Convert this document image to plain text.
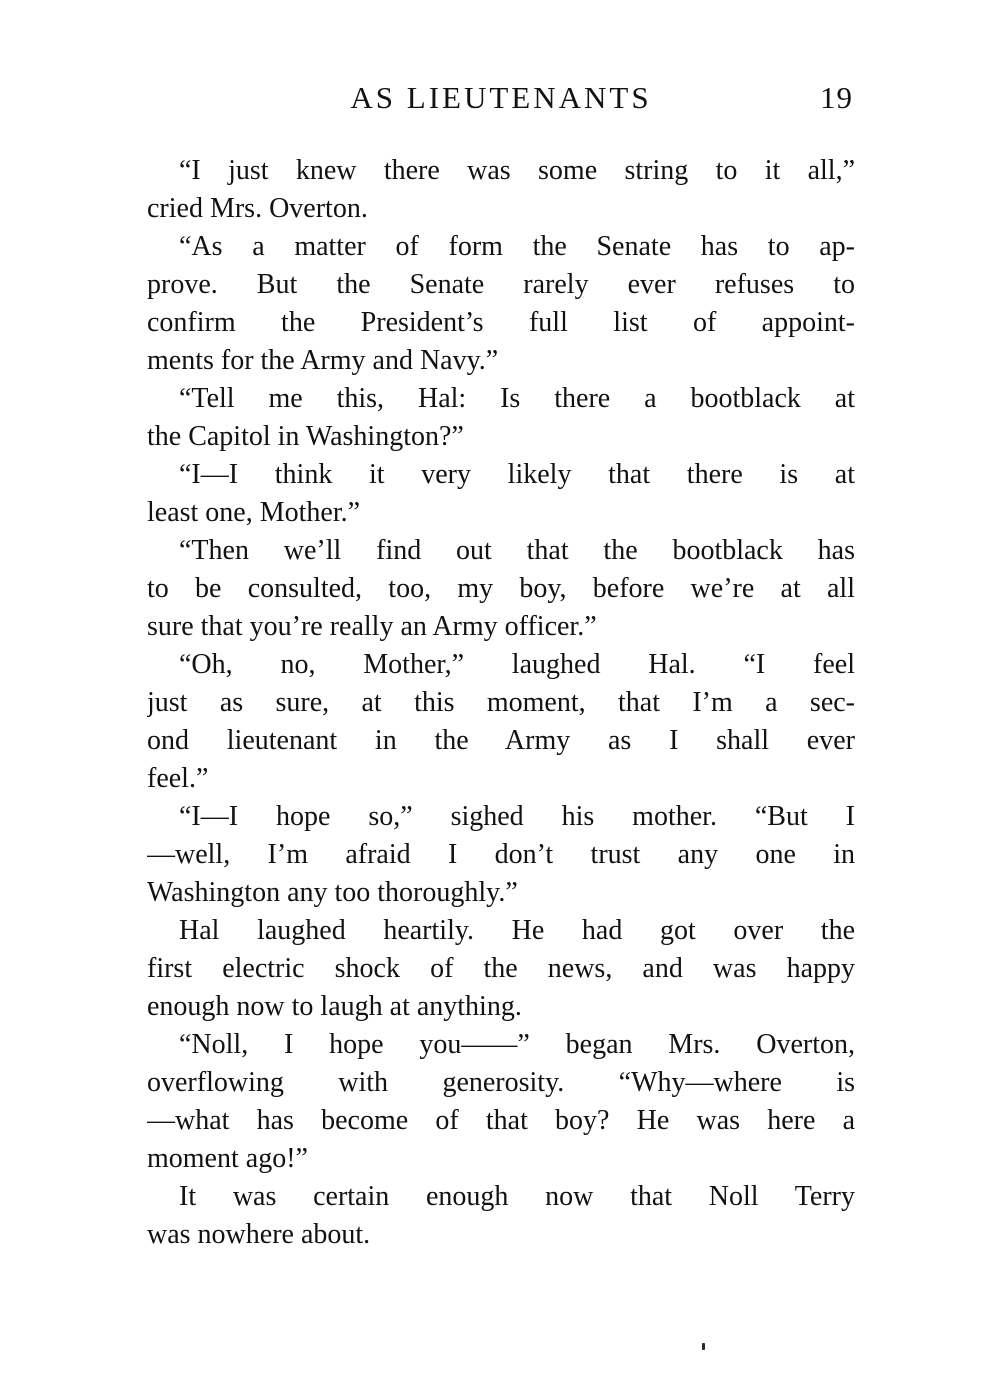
AS LIEUTENANTS	19
“I just knew there was some string to it all,”
cried Mrs. Overton.
“As a matter of form the Senate has to ap-
prove. But the Senate rarely ever refuses to
confirm the President’s full list of appoint-
ments for the Army and Navy.”
“Tell me this, Hal: Is there a bootblack at
the Capitol in Washington?”
“I—I think it very likely that there is at
least one, Mother.”
“Then we’ll find out that the bootblack has
to be consulted, too, my boy, before we’re at all
sure that you’re really an Army officer.”
“Oh, no, Mother,” laughed Hal. “I feel
just as sure, at this moment, that I’m a sec-
ond lieutenant in the Army as I shall ever
feel.”
“I—I hope so,” sighed his mother. “But I
—well, I’m afraid I don’t trust any one in
Washington any too thoroughly.”
Hal laughed heartily. He had got over the
first electric shock of the news, and was happy
enough now to laugh at anything.
“Noll, I hope you——” began Mrs. Overton,
overflowing with generosity. “Why—where is
—what has become of that boy? He was here a
moment ago!”
It was certain enough now that Noll Terry
was nowhere about.
